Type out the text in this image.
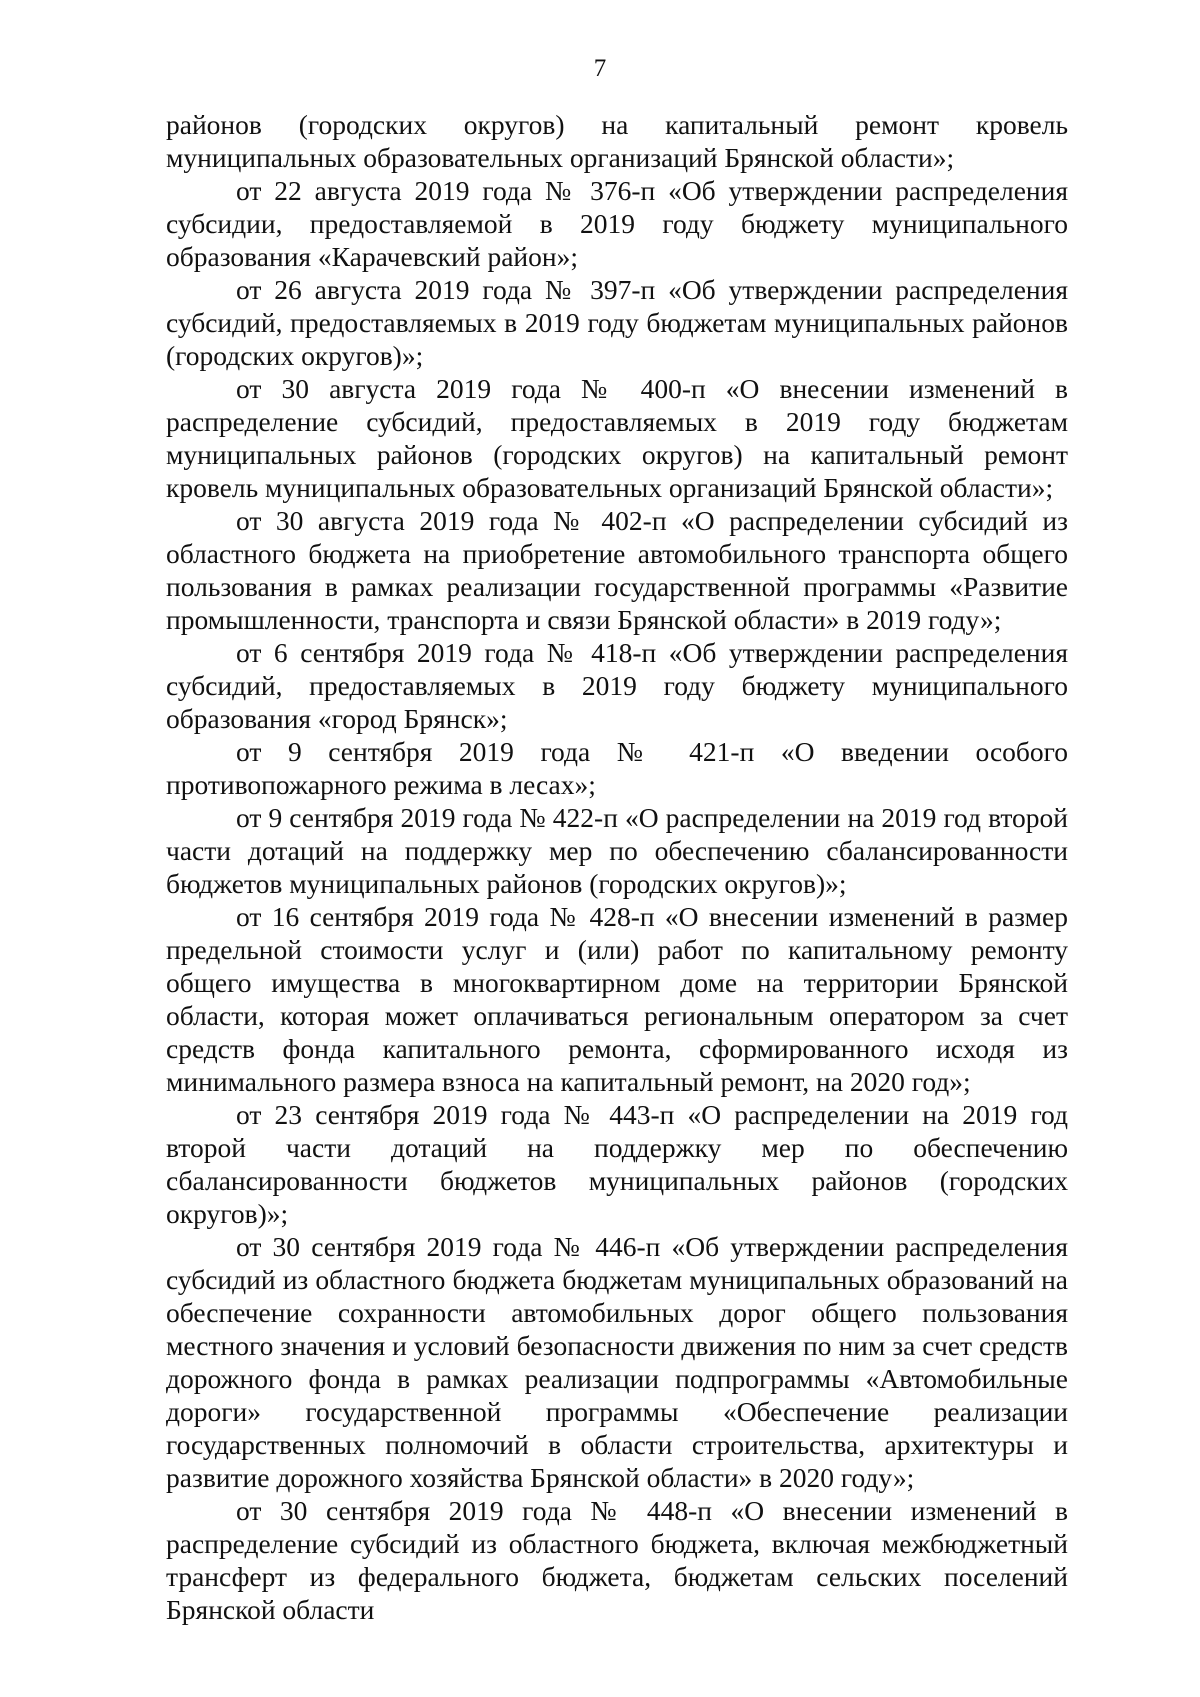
7

районов (городских округов) на капитальный ремонт кровель муниципальных образовательных организаций Брянской области»;

от 22 августа 2019 года № 376-п «Об утверждении распределения субсидии, предоставляемой в 2019 году бюджету муниципального образования «Карачевский район»;

от 26 августа 2019 года № 397-п «Об утверждении распределения субсидий, предоставляемых в 2019 году бюджетам муниципальных районов (городских округов)»;

от 30 августа 2019 года № 400-п «О внесении изменений в распределение субсидий, предоставляемых в 2019 году бюджетам муниципальных районов (городских округов) на капитальный ремонт кровель муниципальных образовательных организаций Брянской области»;

от 30 августа 2019 года № 402-п «О распределении субсидий из областного бюджета на приобретение автомобильного транспорта общего пользования в рамках реализации государственной программы «Развитие промышленности, транспорта и связи Брянской области» в 2019 году»;

от 6 сентября 2019 года № 418-п «Об утверждении распределения субсидий, предоставляемых в 2019 году бюджету муниципального образования «город Брянск»;

от 9 сентября 2019 года № 421-п «О введении особого противопожарного режима в лесах»;

от 9 сентября 2019 года № 422-п «О распределении на 2019 год второй части дотаций на поддержку мер по обеспечению сбалансированности бюджетов муниципальных районов (городских округов)»;

от 16 сентября 2019 года № 428-п «О внесении изменений в размер предельной стоимости услуг и (или) работ по капитальному ремонту общего имущества в многоквартирном доме на территории Брянской области, которая может оплачиваться региональным оператором за счет средств фонда капитального ремонта, сформированного исходя из минимального размера взноса на капитальный ремонт, на 2020 год»;

от 23 сентября 2019 года № 443-п «О распределении на 2019 год второй части дотаций на поддержку мер по обеспечению сбалансированности бюджетов муниципальных районов (городских округов)»;

от 30 сентября 2019 года № 446-п «Об утверждении распределения субсидий из областного бюджета бюджетам муниципальных образований на обеспечение сохранности автомобильных дорог общего пользования местного значения и условий безопасности движения по ним за счет средств дорожного фонда в рамках реализации подпрограммы «Автомобильные дороги» государственной программы «Обеспечение реализации государственных полномочий в области строительства, архитектуры и развитие дорожного хозяйства Брянской области» в 2020 году»;

от 30 сентября 2019 года № 448-п «О внесении изменений в распределение субсидий из областного бюджета, включая межбюджетный трансферт из федерального бюджета, бюджетам сельских поселений Брянской области
